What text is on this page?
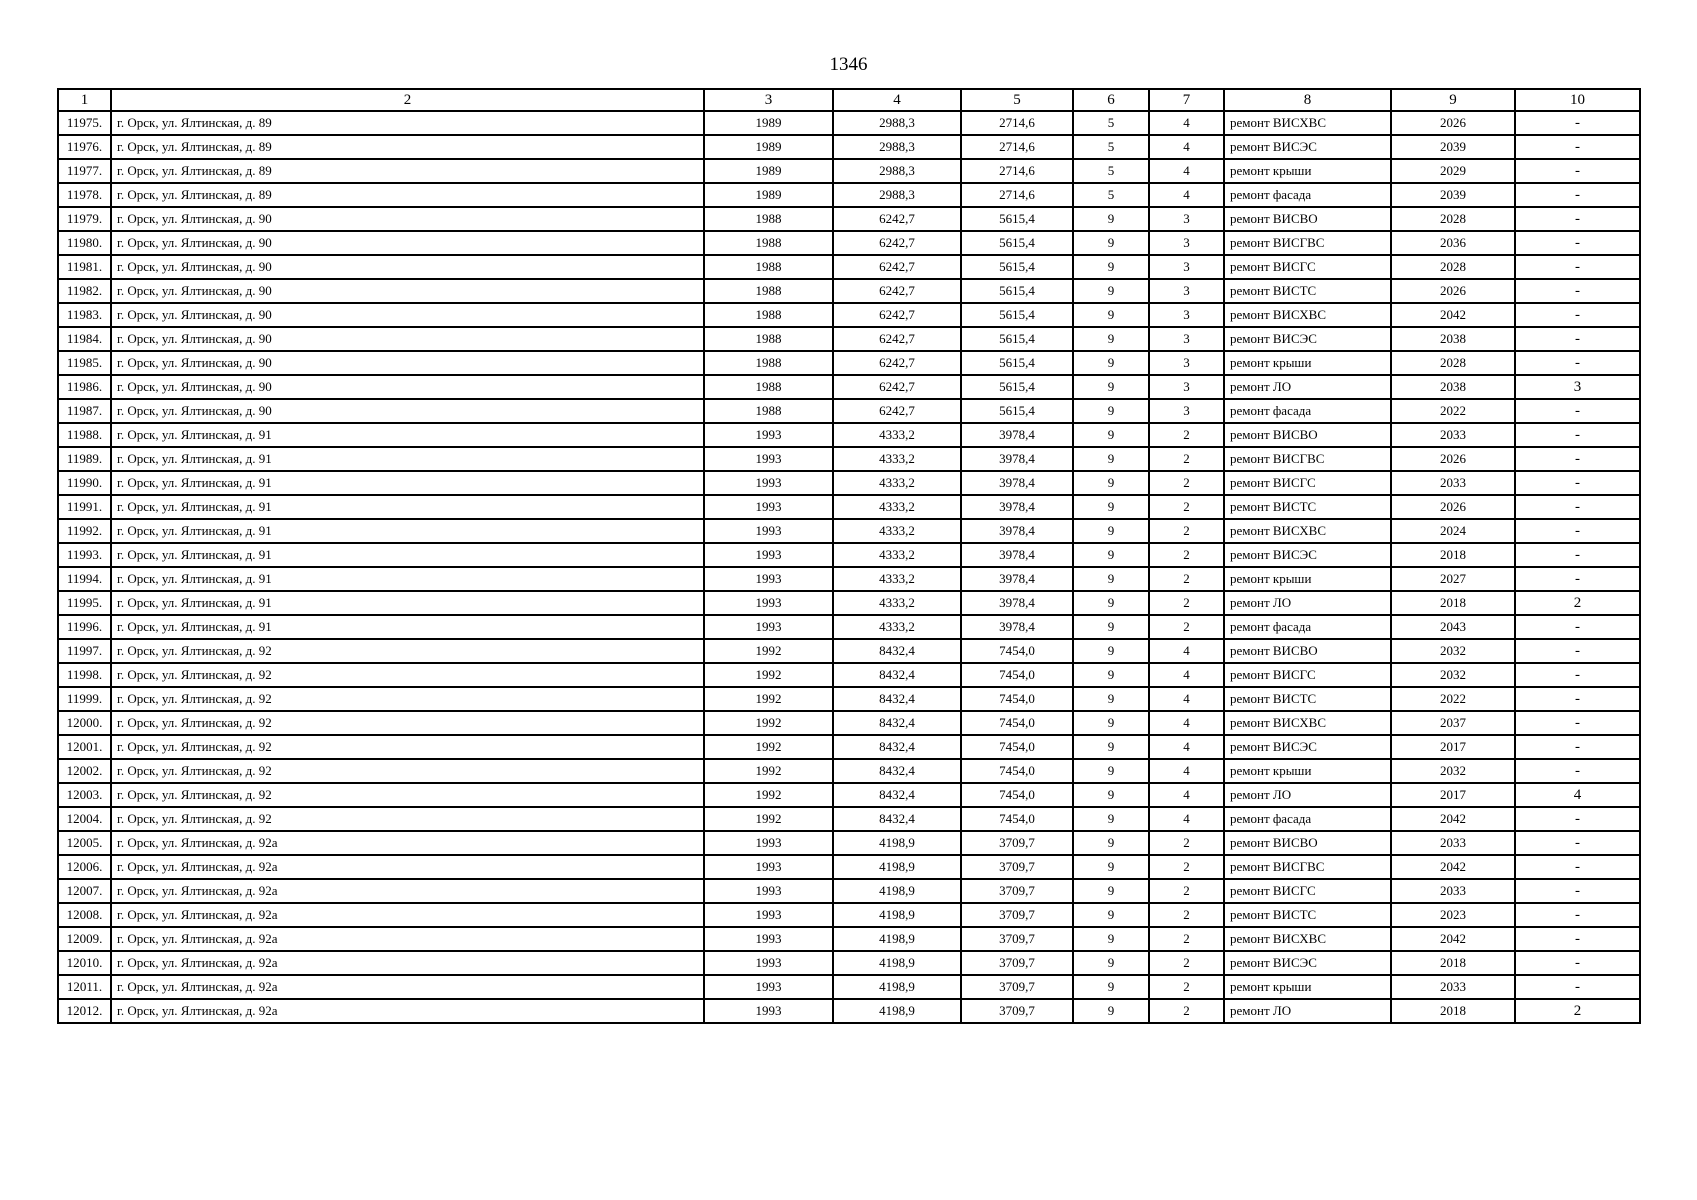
1346
1	2	3	4	5	6	7	8	9	10
11975.	г. Орск, ул. Ялтинская, д. 89	1989	2988,3	2714,6	5	4	ремонт ВИСХВС	2026	-
11976.	г. Орск, ул. Ялтинская, д. 89	1989	2988,3	2714,6	5	4	ремонт ВИСЭС	2039	-
11977.	г. Орск, ул. Ялтинская, д. 89	1989	2988,3	2714,6	5	4	ремонт крыши	2029	-
11978.	г. Орск, ул. Ялтинская, д. 89	1989	2988,3	2714,6	5	4	ремонт фасада	2039	-
11979.	г. Орск, ул. Ялтинская, д. 90	1988	6242,7	5615,4	9	3	ремонт ВИСВО	2028	-
11980.	г. Орск, ул. Ялтинская, д. 90	1988	6242,7	5615,4	9	3	ремонт ВИСГВС	2036	-
11981.	г. Орск, ул. Ялтинская, д. 90	1988	6242,7	5615,4	9	3	ремонт ВИСГС	2028	-
11982.	г. Орск, ул. Ялтинская, д. 90	1988	6242,7	5615,4	9	3	ремонт ВИСТС	2026	-
11983.	г. Орск, ул. Ялтинская, д. 90	1988	6242,7	5615,4	9	3	ремонт ВИСХВС	2042	-
11984.	г. Орск, ул. Ялтинская, д. 90	1988	6242,7	5615,4	9	3	ремонт ВИСЭС	2038	-
11985.	г. Орск, ул. Ялтинская, д. 90	1988	6242,7	5615,4	9	3	ремонт крыши	2028	-
11986.	г. Орск, ул. Ялтинская, д. 90	1988	6242,7	5615,4	9	3	ремонт ЛО	2038	3
11987.	г. Орск, ул. Ялтинская, д. 90	1988	6242,7	5615,4	9	3	ремонт фасада	2022	-
11988.	г. Орск, ул. Ялтинская, д. 91	1993	4333,2	3978,4	9	2	ремонт ВИСВО	2033	-
11989.	г. Орск, ул. Ялтинская, д. 91	1993	4333,2	3978,4	9	2	ремонт ВИСГВС	2026	-
11990.	г. Орск, ул. Ялтинская, д. 91	1993	4333,2	3978,4	9	2	ремонт ВИСГС	2033	-
11991.	г. Орск, ул. Ялтинская, д. 91	1993	4333,2	3978,4	9	2	ремонт ВИСТС	2026	-
11992.	г. Орск, ул. Ялтинская, д. 91	1993	4333,2	3978,4	9	2	ремонт ВИСХВС	2024	-
11993.	г. Орск, ул. Ялтинская, д. 91	1993	4333,2	3978,4	9	2	ремонт ВИСЭС	2018	-
11994.	г. Орск, ул. Ялтинская, д. 91	1993	4333,2	3978,4	9	2	ремонт крыши	2027	-
11995.	г. Орск, ул. Ялтинская, д. 91	1993	4333,2	3978,4	9	2	ремонт ЛО	2018	2
11996.	г. Орск, ул. Ялтинская, д. 91	1993	4333,2	3978,4	9	2	ремонт фасада	2043	-
11997.	г. Орск, ул. Ялтинская, д. 92	1992	8432,4	7454,0	9	4	ремонт ВИСВО	2032	-
11998.	г. Орск, ул. Ялтинская, д. 92	1992	8432,4	7454,0	9	4	ремонт ВИСГС	2032	-
11999.	г. Орск, ул. Ялтинская, д. 92	1992	8432,4	7454,0	9	4	ремонт ВИСТС	2022	-
12000.	г. Орск, ул. Ялтинская, д. 92	1992	8432,4	7454,0	9	4	ремонт ВИСХВС	2037	-
12001.	г. Орск, ул. Ялтинская, д. 92	1992	8432,4	7454,0	9	4	ремонт ВИСЭС	2017	-
12002.	г. Орск, ул. Ялтинская, д. 92	1992	8432,4	7454,0	9	4	ремонт крыши	2032	-
12003.	г. Орск, ул. Ялтинская, д. 92	1992	8432,4	7454,0	9	4	ремонт ЛО	2017	4
12004.	г. Орск, ул. Ялтинская, д. 92	1992	8432,4	7454,0	9	4	ремонт фасада	2042	-
12005.	г. Орск, ул. Ялтинская, д. 92а	1993	4198,9	3709,7	9	2	ремонт ВИСВО	2033	-
12006.	г. Орск, ул. Ялтинская, д. 92а	1993	4198,9	3709,7	9	2	ремонт ВИСГВС	2042	-
12007.	г. Орск, ул. Ялтинская, д. 92а	1993	4198,9	3709,7	9	2	ремонт ВИСГС	2033	-
12008.	г. Орск, ул. Ялтинская, д. 92а	1993	4198,9	3709,7	9	2	ремонт ВИСТС	2023	-
12009.	г. Орск, ул. Ялтинская, д. 92а	1993	4198,9	3709,7	9	2	ремонт ВИСХВС	2042	-
12010.	г. Орск, ул. Ялтинская, д. 92а	1993	4198,9	3709,7	9	2	ремонт ВИСЭС	2018	-
12011.	г. Орск, ул. Ялтинская, д. 92а	1993	4198,9	3709,7	9	2	ремонт крыши	2033	-
12012.	г. Орск, ул. Ялтинская, д. 92а	1993	4198,9	3709,7	9	2	ремонт ЛО	2018	2
